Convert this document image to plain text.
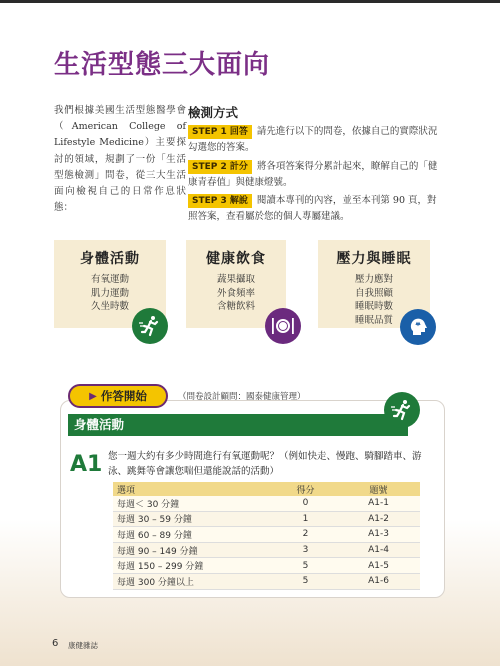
生活型態三大面向
我們根據美國生活型態醫學會（American College of Lifestyle Medicine）主要探討的領域，規劃了一份「生活型態檢測」問卷，從三大生活面向檢視自己的日常作息狀態：
檢測方式
STEP 1 回答 請先進行以下的問卷，依據自己的實際狀況勾選您的答案。
STEP 2 計分 將各項答案得分累計起來，瞭解自己的「健康青春值」與健康燈號。
STEP 3 解說 閱讀本專刊的內容，並至本刊第 90 頁，對照答案，查看屬於您的個人專屬建議。
身體活動
有氧運動
肌力運動
久坐時數
健康飲食
蔬果攝取
外食頻率
含糖飲料
壓力與睡眠
壓力應對
自我照顧
睡眠時數
睡眠品質
▶ 作答開始	（問卷設計顧問：國泰健康管理）
身體活動
A1 您一週大約有多少時間進行有氧運動呢？（例如快走、慢跑、騎腳踏車、游泳、跳舞等會讓您喘但還能說話的活動）
選項	得分	題號
每週＜ 30 分鐘	0	A1-1
每週 30 – 59 分鐘	1	A1-2
每週 60 – 89 分鐘	2	A1-3
每週 90 – 149 分鐘	3	A1-4
每週 150 – 299 分鐘	5	A1-5
每週 300 分鐘以上	5	A1-6
6 康健雜誌
